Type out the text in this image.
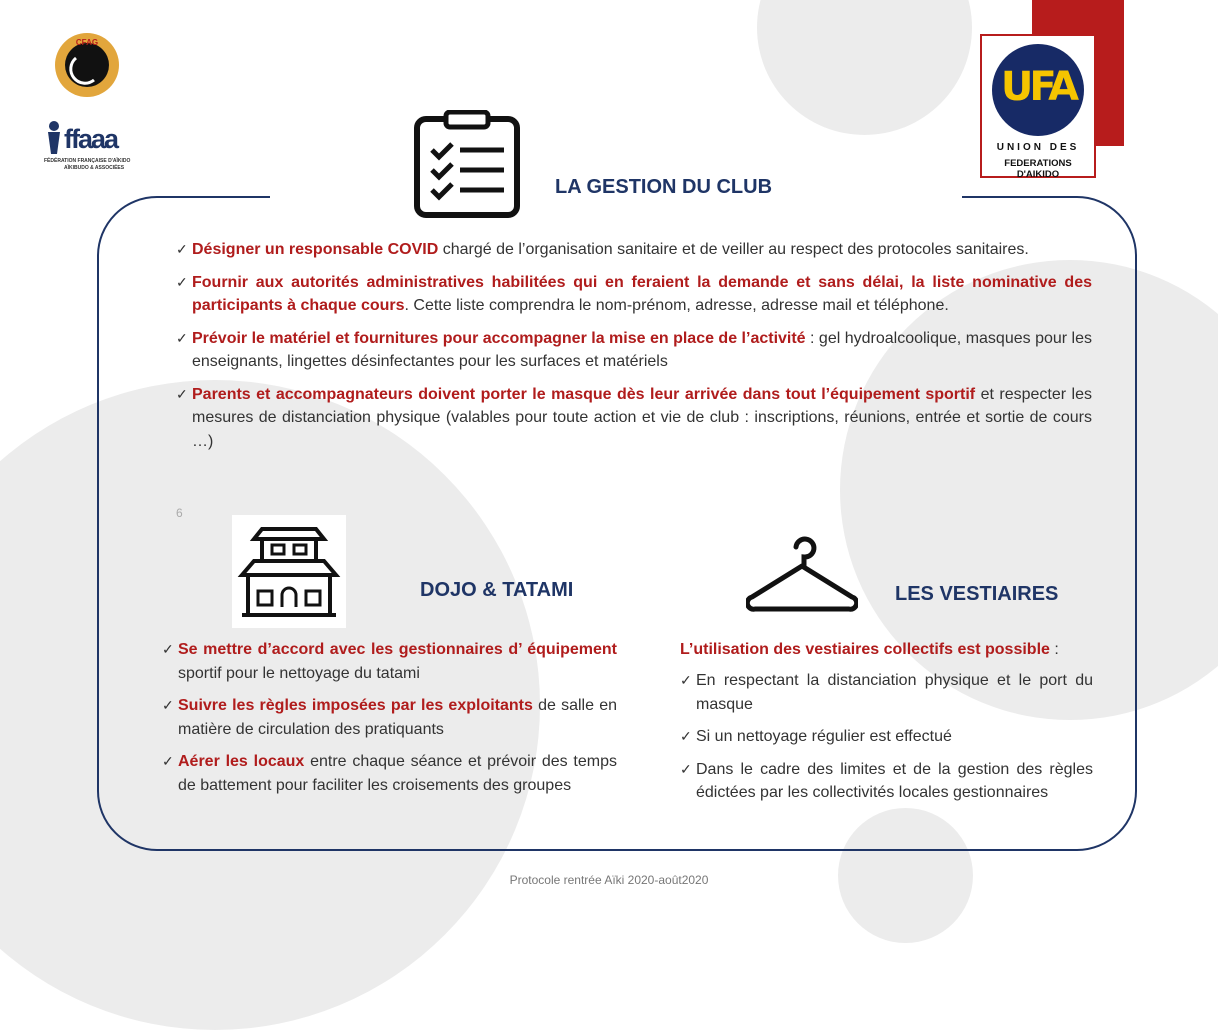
CFAG
ffaaa
FÉDÉRATION FRANÇAISE D'AÏKIDO
AÏKIBUDO & ASSOCIÉES
UFA
UNION DES
FEDERATIONS D'AIKIDO
LA GESTION DU CLUB
✓ Désigner un responsable COVID chargé de l’organisation sanitaire et de veiller au respect des protocoles sanitaires.
✓ Fournir aux autorités administratives habilitées qui en feraient la demande et sans délai, la liste nominative des participants à chaque cours. Cette liste comprendra le nom-prénom, adresse, adresse mail et téléphone.
✓ Prévoir le matériel et fournitures pour accompagner la mise en place de l’activité : gel hydroalcoolique, masques pour les enseignants, lingettes désinfectantes pour les surfaces et matériels
✓ Parents et accompagnateurs doivent porter le masque dès leur arrivée dans tout l’équipement sportif et respecter les mesures de distanciation physique (valables pour toute action et vie de club : inscriptions, réunions, entrée et sortie de cours …)
6
DOJO & TATAMI
✓ Se mettre d’accord avec les gestionnaires d’ équipement sportif pour le nettoyage du tatami
✓ Suivre les règles imposées par les exploitants de salle en matière de circulation des pratiquants
✓ Aérer les locaux entre chaque séance et prévoir des temps de battement pour faciliter les croisements des groupes
LES VESTIAIRES
L’utilisation des vestiaires collectifs est possible :
✓ En respectant la distanciation physique et le port du masque
✓ Si un nettoyage régulier est effectué
✓ Dans le cadre des limites et de la gestion des règles édictées par les collectivités locales gestionnaires
Protocole rentrée Aïki 2020-août2020
